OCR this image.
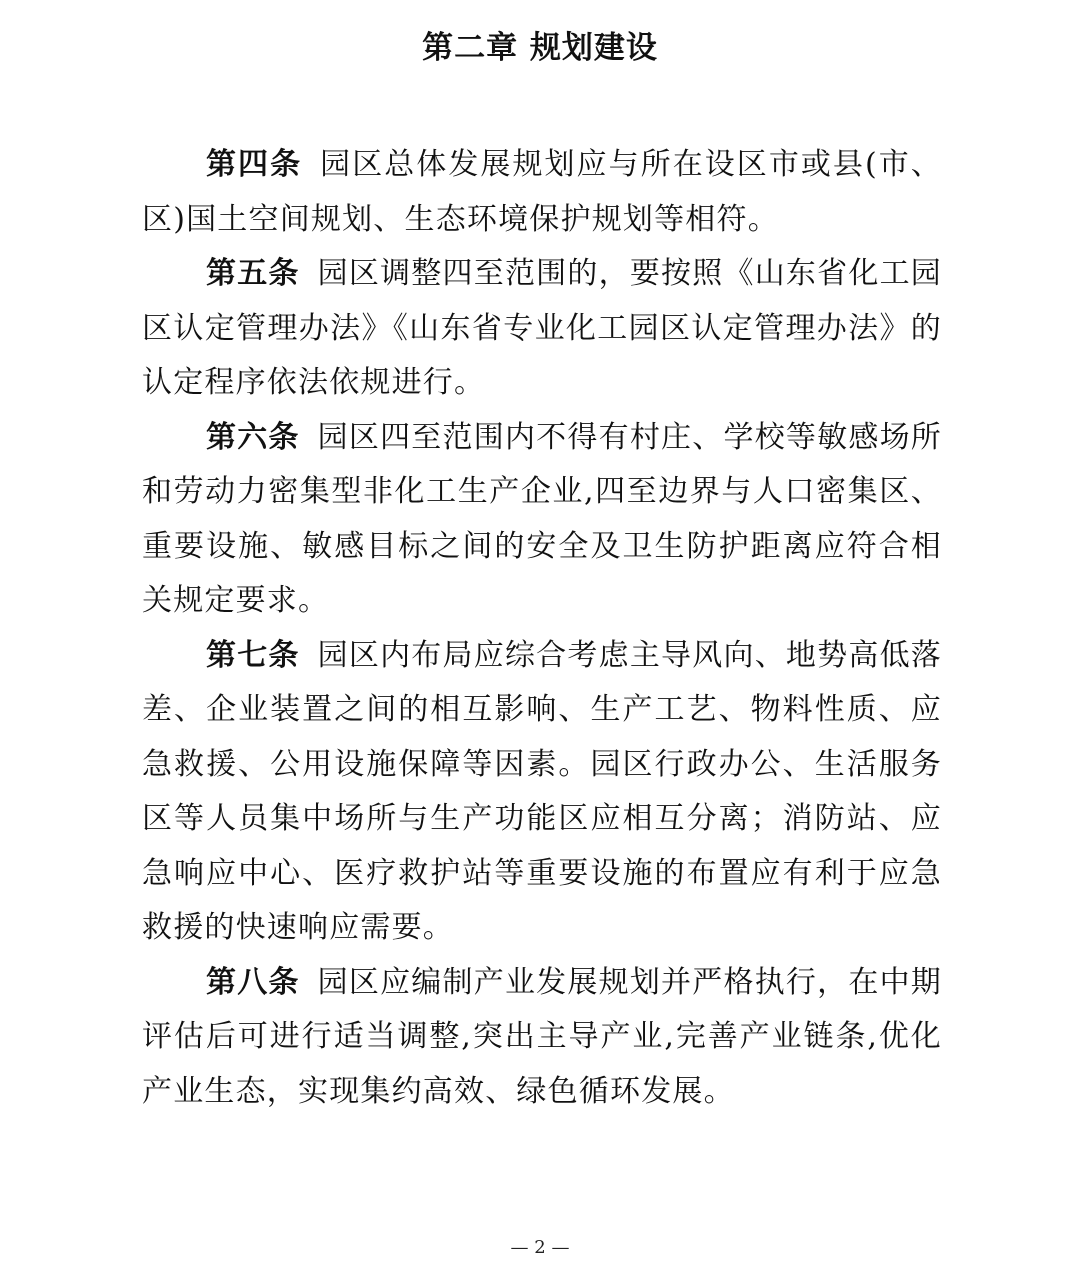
第二章 规划建设

第四条 园区总体发展规划应与所在设区市或县(市、区)国土空间规划、生态环境保护规划等相符。

第五条 园区调整四至范围的，要按照《山东省化工园区认定管理办法》《山东省专业化工园区认定管理办法》的认定程序依法依规进行。

第六条 园区四至范围内不得有村庄、学校等敏感场所和劳动力密集型非化工生产企业,四至边界与人口密集区、重要设施、敏感目标之间的安全及卫生防护距离应符合相关规定要求。

第七条 园区内布局应综合考虑主导风向、地势高低落差、企业装置之间的相互影响、生产工艺、物料性质、应急救援、公用设施保障等因素。园区行政办公、生活服务区等人员集中场所与生产功能区应相互分离；消防站、应急响应中心、医疗救护站等重要设施的布置应有利于应急救援的快速响应需要。

第八条 园区应编制产业发展规划并严格执行，在中期评估后可进行适当调整,突出主导产业,完善产业链条,优化产业生态，实现集约高效、绿色循环发展。

— 2 —
